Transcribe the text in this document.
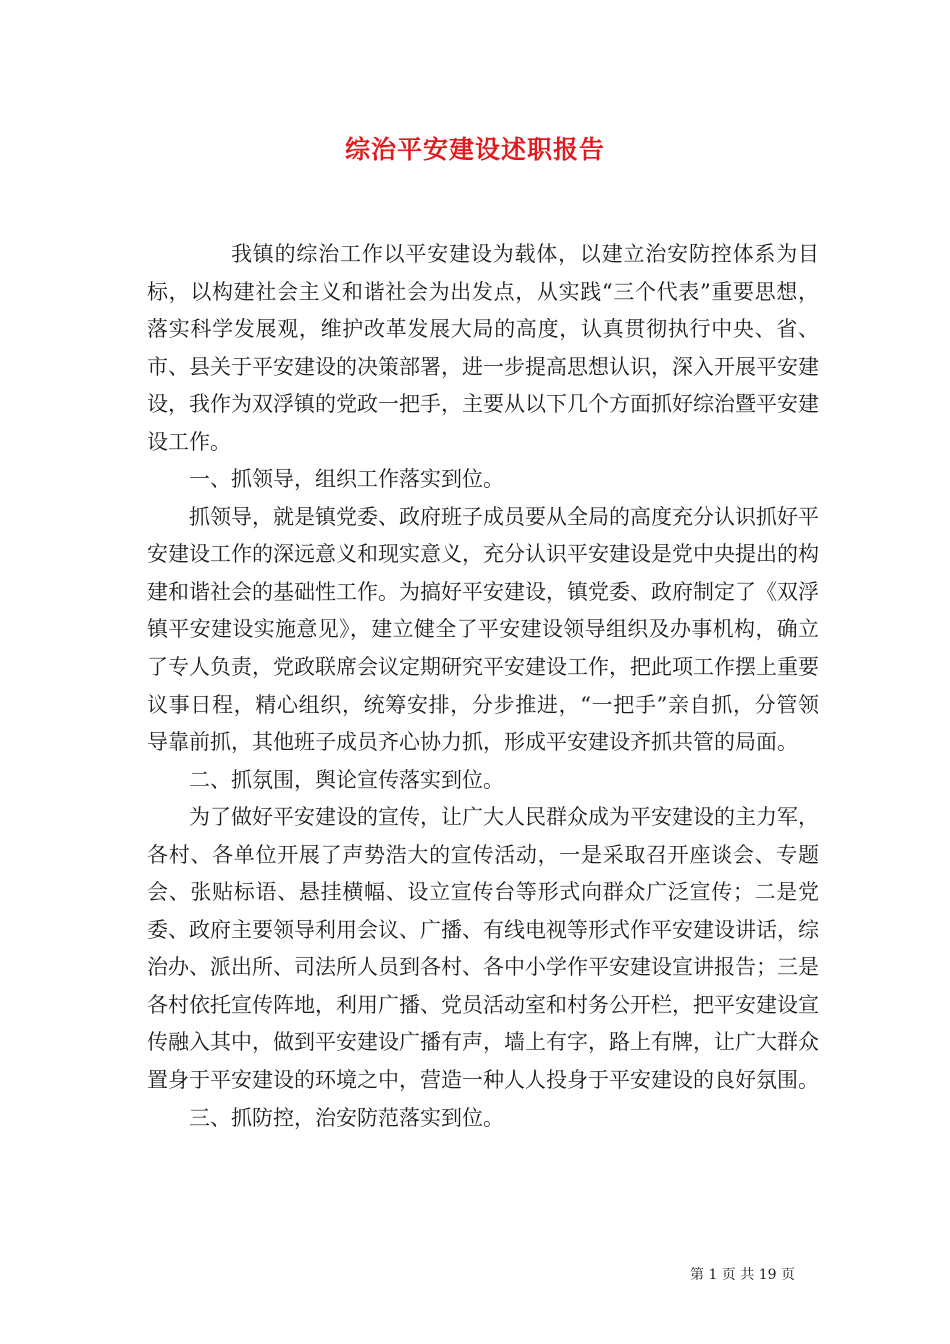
综治平安建设述职报告

我镇的综治工作以平安建设为载体，以建立治安防控体系为目标，以构建社会主义和谐社会为出发点，从实践“三个代表”重要思想，落实科学发展观，维护改革发展大局的高度，认真贯彻执行中央、省、市、县关于平安建设的决策部署，进一步提高思想认识，深入开展平安建设，我作为双浮镇的党政一把手，主要从以下几个方面抓好综治暨平安建设工作。

一、抓领导，组织工作落实到位。

抓领导，就是镇党委、政府班子成员要从全局的高度充分认识抓好平安建设工作的深远意义和现实意义，充分认识平安建设是党中央提出的构建和谐社会的基础性工作。为搞好平安建设，镇党委、政府制定了《双浮镇平安建设实施意见》，建立健全了平安建设领导组织及办事机构，确立了专人负责，党政联席会议定期研究平安建设工作，把此项工作摆上重要议事日程，精心组织，统筹安排，分步推进，“一把手”亲自抓，分管领导靠前抓，其他班子成员齐心协力抓，形成平安建设齐抓共管的局面。

二、抓氛围，舆论宣传落实到位。

为了做好平安建设的宣传，让广大人民群众成为平安建设的主力军，各村、各单位开展了声势浩大的宣传活动，一是采取召开座谈会、专题会、张贴标语、悬挂横幅、设立宣传台等形式向群众广泛宣传；二是党委、政府主要领导利用会议、广播、有线电视等形式作平安建设讲话，综治办、派出所、司法所人员到各村、各中小学作平安建设宣讲报告；三是各村依托宣传阵地，利用广播、党员活动室和村务公开栏，把平安建设宣传融入其中，做到平安建设广播有声，墙上有字，路上有牌，让广大群众置身于平安建设的环境之中，营造一种人人投身于平安建设的良好氛围。

三、抓防控，治安防范落实到位。

第 1 页 共 19 页
